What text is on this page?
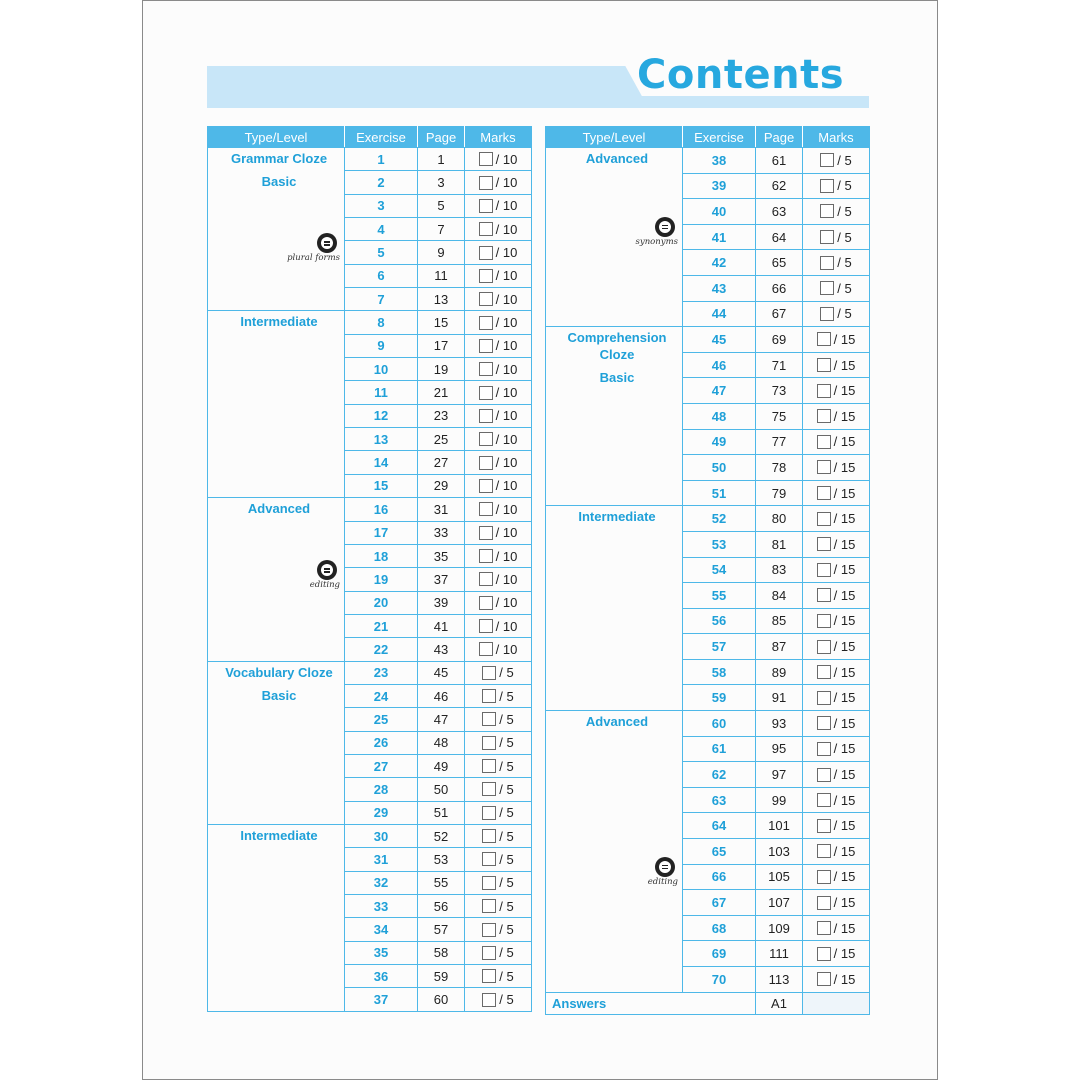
Contents
Type/Level	Exercise	Page	Marks

Grammar Cloze
Basic
plural forms	1	1	/ 10

	2	3	/ 10

	3	5	/ 10

	4	7	/ 10

	5	9	/ 10

	6	11	/ 10

	7	13	/ 10

Intermediate	8	15	/ 10

	9	17	/ 10

	10	19	/ 10

	11	21	/ 10

	12	23	/ 10

	13	25	/ 10

	14	27	/ 10

	15	29	/ 10

Advanced
editing	16	31	/ 10

	17	33	/ 10

	18	35	/ 10

	19	37	/ 10

	20	39	/ 10

	21	41	/ 10

	22	43	/ 10

Vocabulary Cloze
Basic	23	45	/ 5

	24	46	/ 5

	25	47	/ 5

	26	48	/ 5

	27	49	/ 5

	28	50	/ 5

	29	51	/ 5

Intermediate	30	52	/ 5

	31	53	/ 5

	32	55	/ 5

	33	56	/ 5

	34	57	/ 5

	35	58	/ 5

	36	59	/ 5

	37	60	/ 5
Type/Level	Exercise	Page	Marks

Advanced
synonyms	38	61	/ 5

	39	62	/ 5

	40	63	/ 5

	41	64	/ 5

	42	65	/ 5

	43	66	/ 5

	44	67	/ 5

Comprehension
Cloze
Basic	45	69	/ 15

	46	71	/ 15

	47	73	/ 15

	48	75	/ 15

	49	77	/ 15

	50	78	/ 15

	51	79	/ 15

Intermediate	52	80	/ 15

	53	81	/ 15

	54	83	/ 15

	55	84	/ 15

	56	85	/ 15

	57	87	/ 15

	58	89	/ 15

	59	91	/ 15

Advanced
editing	60	93	/ 15

	61	95	/ 15

	62	97	/ 15

	63	99	/ 15

	64	101	/ 15

	65	103	/ 15

	66	105	/ 15

	67	107	/ 15

	68	109	/ 15

	69	111	/ 15

	70	113	/ 15

Answers		A1	
